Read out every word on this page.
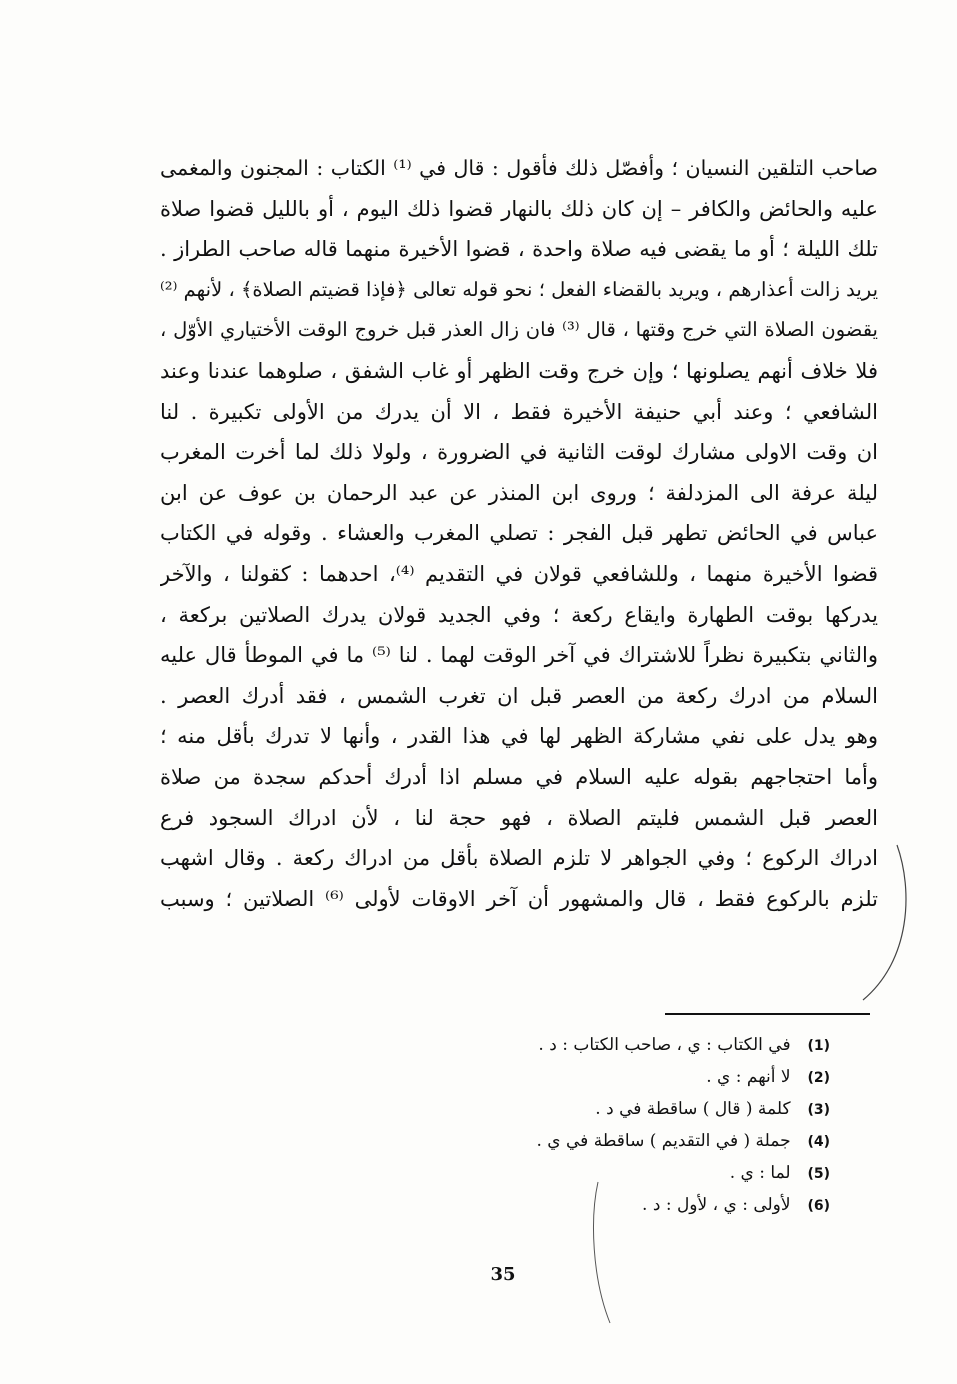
صاحب التلقين النسيان ؛ وأفصّل ذلك فأقول : قال في ⁽¹⁾ الكتاب : المجنون والمغمى
عليه والحائض والكافر – إن كان ذلك بالنهار قضوا ذلك اليوم ، أو بالليل قضوا صلاة
تلك الليلة ؛ أو ما يقضى فيه صلاة واحدة ، قضوا الأخيرة منهما قاله صاحب الطراز .
يريد زالت أعذارهم ، ويريد بالقضاء الفعل ؛ نحو قوله تعالى ﴿فإذا قضيتم الصلاة﴾ ، لأنهم ⁽²⁾
يقضون الصلاة التي خرج وقتها ، قال ⁽³⁾ فان زال العذر قبل خروج الوقت الأختياري الأوّل ،
فلا خلاف أنهم يصلونها ؛ وإن خرج وقت الظهر أو غاب الشفق ، صلوهما عندنا وعند
الشافعي ؛ وعند أبي حنيفة الأخيرة فقط ، الا أن يدرك من الأولى تكبيرة . لنا
ان وقت الاولى مشارك لوقت الثانية في الضرورة ، ولولا ذلك لما أخرت المغرب
ليلة عرفة الى المزدلفة ؛ وروى ابن المنذر عن عبد الرحمان بن عوف عن ابن
عباس في الحائض تطهر قبل الفجر : تصلي المغرب والعشاء . وقوله في الكتاب
قضوا الأخيرة منهما ، وللشافعي قولان في التقديم ⁽⁴⁾، احدهما : كقولنا ، والآخر
يدركها بوقت الطهارة وايقاع ركعة ؛ وفي الجديد قولان يدرك الصلاتين بركعة ،
والثاني بتكبيرة نظراً للاشتراك في آخر الوقت لهما . لنا ⁽⁵⁾ ما في الموطأ قال عليه
السلام من ادرك ركعة من العصر قبل ان تغرب الشمس ، فقد أدرك العصر .
وهو يدل على نفي مشاركة الظهر لها في هذا القدر ، وأنها لا تدرك بأقل منه ؛
وأما احتجاجهم بقوله عليه السلام في مسلم اذا أدرك أحدكم سجدة من صلاة
العصر قبل الشمس فليتم الصلاة ، فهو حجة لنا ، لأن ادراك السجود فرع
ادراك الركوع ؛ وفي الجواهر لا تلزم الصلاة بأقل من ادراك ركعة . وقال اشهب
تلزم بالركوع فقط ، قال والمشهور أن آخر الاوقات لأولى ⁽⁶⁾ الصلاتين ؛ وسبب
(1) في الكتاب : ي ، صاحب الكتاب : د .
(2) لا أنهم : ي .
(3) كلمة ( قال ) ساقطة في د .
(4) جملة ( في التقديم ) ساقطة في ي .
(5) لما : ي .
(6) لأولى : ي ، لأول : د .
35
